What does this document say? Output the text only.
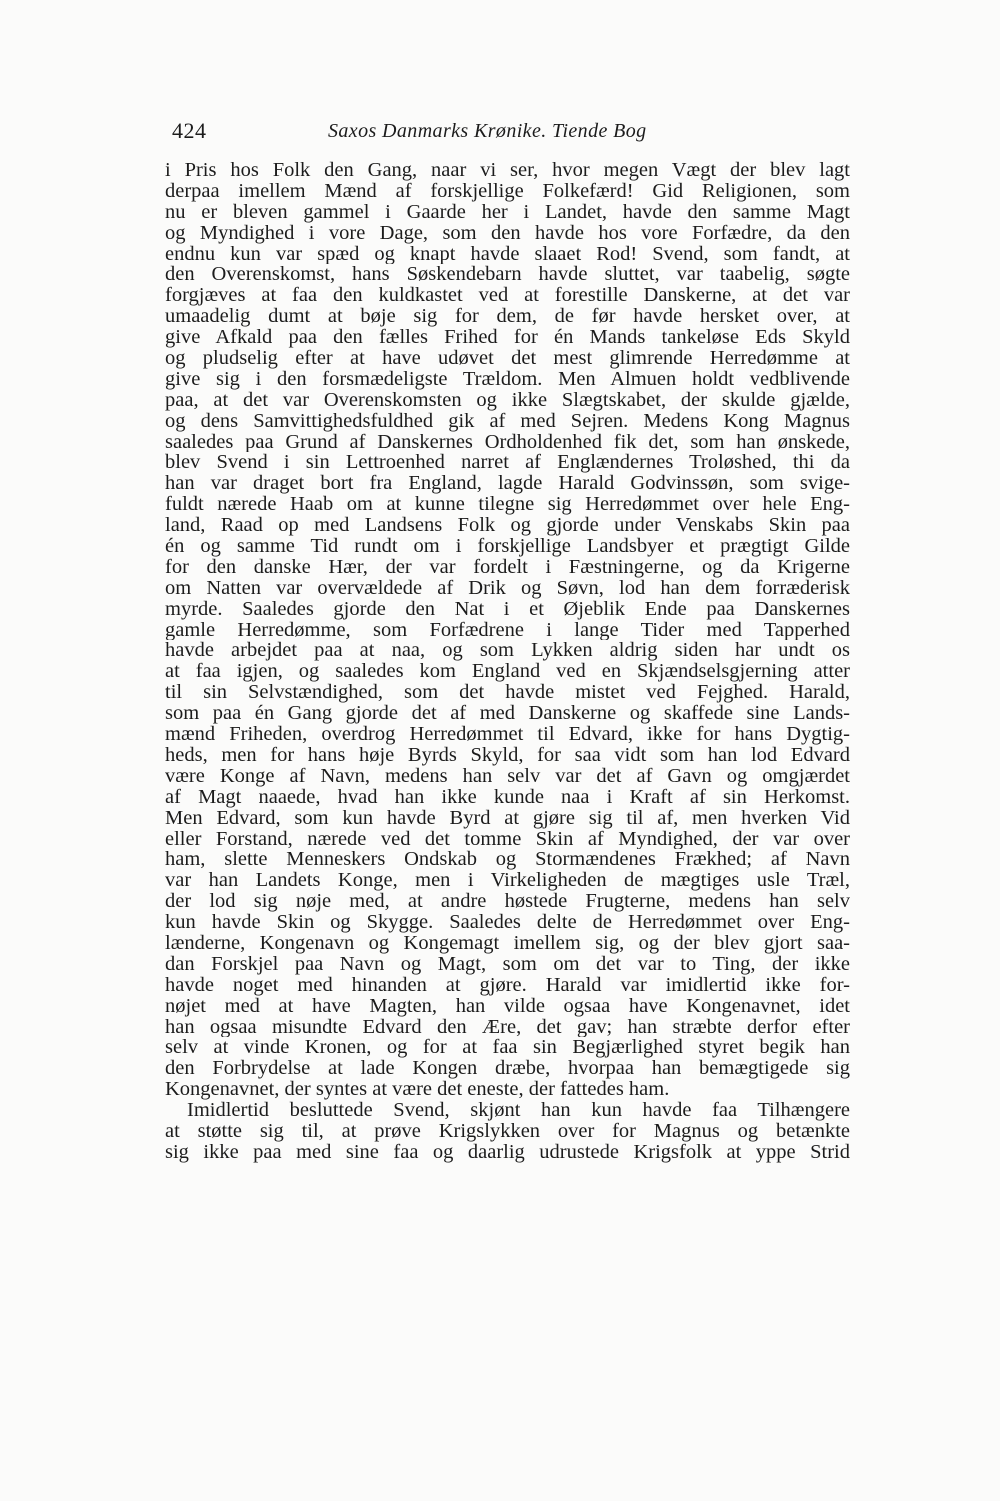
424	Saxos Danmarks Krønike. Tiende Bog
i Pris hos Folk den Gang, naar vi ser, hvor megen Vægt der blev lagt
derpaa imellem Mænd af forskjellige Folkefærd! Gid Religionen, som
nu er bleven gammel i Gaarde her i Landet, havde den samme Magt
og Myndighed i vore Dage, som den havde hos vore Forfædre, da den
endnu kun var spæd og knapt havde slaaet Rod! Svend, som fandt, at
den Overenskomst, hans Søskendebarn havde sluttet, var taabelig, søgte
forgjæves at faa den kuldkastet ved at forestille Danskerne, at det var
umaadelig dumt at bøje sig for dem, de før havde hersket over, at
give Afkald paa den fælles Frihed for én Mands tankeløse Eds Skyld
og pludselig efter at have udøvet det mest glimrende Herredømme at
give sig i den forsmædeligste Trældom. Men Almuen holdt vedblivende
paa, at det var Overenskomsten og ikke Slægtskabet, der skulde gjælde,
og dens Samvittighedsfuldhed gik af med Sejren. Medens Kong Magnus
saaledes paa Grund af Danskernes Ordholdenhed fik det, som han ønskede,
blev Svend i sin Lettroenhed narret af Englændernes Troløshed, thi da
han var draget bort fra England, lagde Harald Godvinssøn, som svige-
fuldt nærede Haab om at kunne tilegne sig Herredømmet over hele Eng-
land, Raad op med Landsens Folk og gjorde under Venskabs Skin paa
én og samme Tid rundt om i forskjellige Landsbyer et prægtigt Gilde
for den danske Hær, der var fordelt i Fæstningerne, og da Krigerne
om Natten var overvældede af Drik og Søvn, lod han dem forræderisk
myrde. Saaledes gjorde den Nat i et Øjeblik Ende paa Danskernes
gamle Herredømme, som Forfædrene i lange Tider med Tapperhed
havde arbejdet paa at naa, og som Lykken aldrig siden har undt os
at faa igjen, og saaledes kom England ved en Skjændselsgjerning atter
til sin Selvstændighed, som det havde mistet ved Fejghed. Harald,
som paa én Gang gjorde det af med Danskerne og skaffede sine Lands-
mænd Friheden, overdrog Herredømmet til Edvard, ikke for hans Dygtig-
heds, men for hans høje Byrds Skyld, for saa vidt som han lod Edvard
være Konge af Navn, medens han selv var det af Gavn og omgjærdet
af Magt naaede, hvad han ikke kunde naa i Kraft af sin Herkomst.
Men Edvard, som kun havde Byrd at gjøre sig til af, men hverken Vid
eller Forstand, nærede ved det tomme Skin af Myndighed, der var over
ham, slette Menneskers Ondskab og Stormændenes Frækhed; af Navn
var han Landets Konge, men i Virkeligheden de mægtiges usle Træl,
der lod sig nøje med, at andre høstede Frugterne, medens han selv
kun havde Skin og Skygge. Saaledes delte de Herredømmet over Eng-
lænderne, Kongenavn og Kongemagt imellem sig, og der blev gjort saa-
dan Forskjel paa Navn og Magt, som om det var to Ting, der ikke
havde noget med hinanden at gjøre. Harald var imidlertid ikke for-
nøjet med at have Magten, han vilde ogsaa have Kongenavnet, idet
han ogsaa misundte Edvard den Ære, det gav; han stræbte derfor efter
selv at vinde Kronen, og for at faa sin Begjærlighed styret begik han
den Forbrydelse at lade Kongen dræbe, hvorpaa han bemægtigede sig
Kongenavnet, der syntes at være det eneste, der fattedes ham.
Imidlertid besluttede Svend, skjønt han kun havde faa Tilhængere
at støtte sig til, at prøve Krigslykken over for Magnus og betænkte
sig ikke paa med sine faa og daarlig udrustede Krigsfolk at yppe Strid
